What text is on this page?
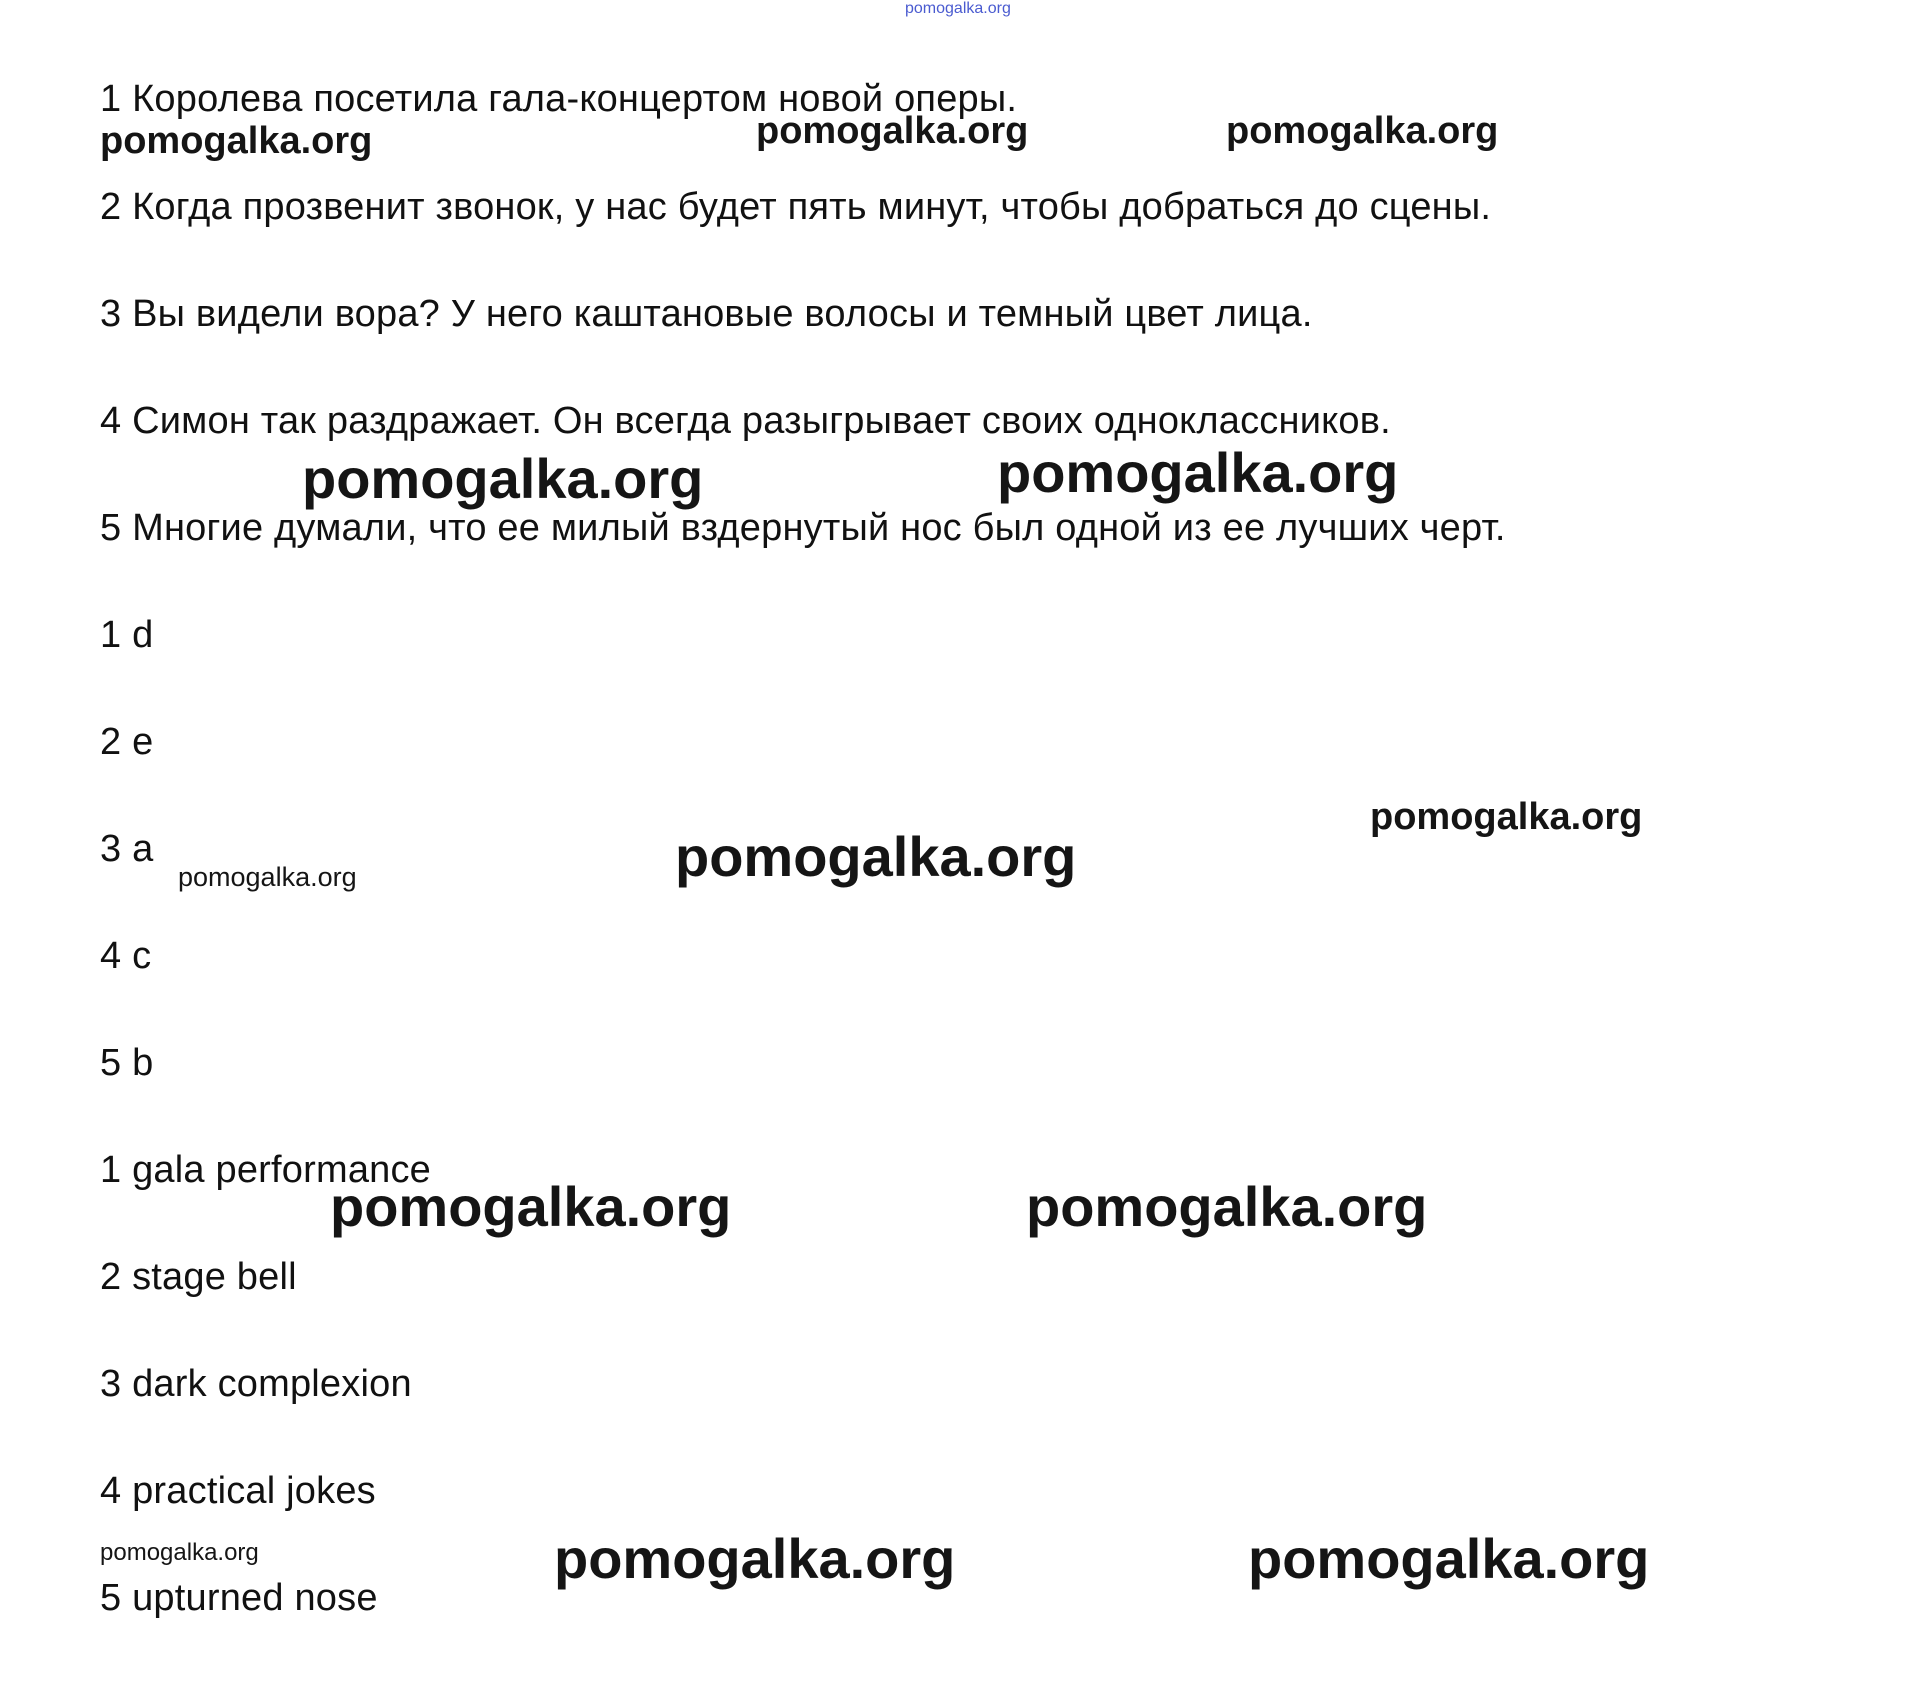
pomogalka.org
1 Королева посетила гала-концертом новой оперы.
2 Когда прозвенит звонок, у нас будет пять минут, чтобы добраться до сцены.
3 Вы видели вора? У него каштановые волосы и темный цвет лица.
4 Симон так раздражает. Он всегда разыгрывает своих одноклассников.
5 Многие думали, что ее милый вздернутый нос был одной из ее лучших черт.
1 d
2 e
3 a
4 c
5 b
1 gala performance
2 stage bell
3 dark complexion
4 practical jokes
5 upturned nose
pomogalka.org	pomogalka.org	pomogalka.org
pomogalka.org	pomogalka.org
pomogalka.org
pomogalka.org
pomogalka.org
pomogalka.org	pomogalka.org
pomogalka.org	pomogalka.org	pomogalka.org
